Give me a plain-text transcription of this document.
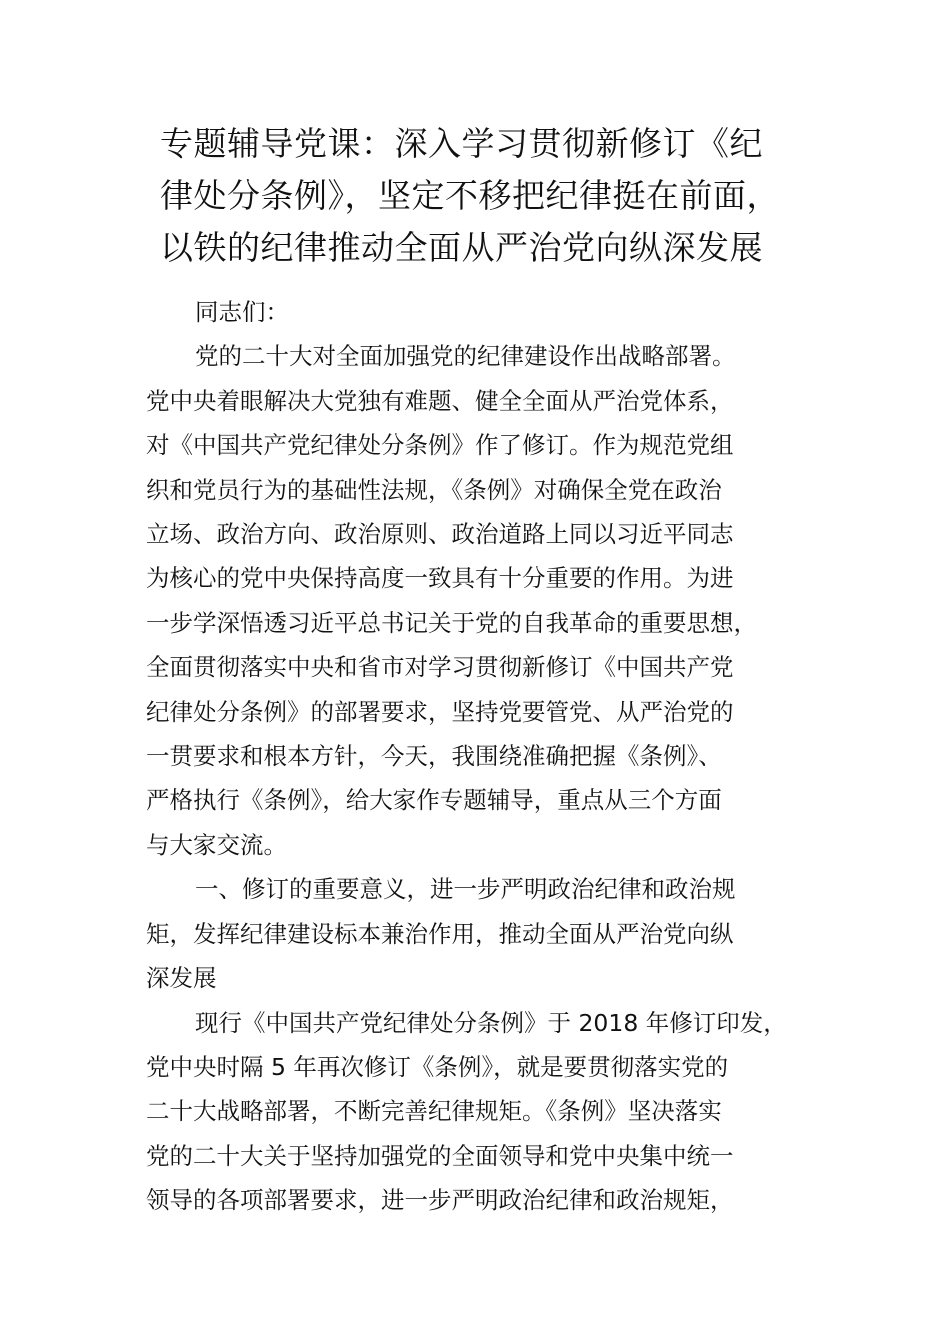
专题辅导党课：深入学习贯彻新修订《纪
律处分条例》，坚定不移把纪律挺在前面，
以铁的纪律推动全面从严治党向纵深发展

同志们：

党的二十大对全面加强党的纪律建设作出战略部署。
党中央着眼解决大党独有难题、健全全面从严治党体系，
对《中国共产党纪律处分条例》作了修订。作为规范党组
织和党员行为的基础性法规，《条例》对确保全党在政治
立场、政治方向、政治原则、政治道路上同以习近平同志
为核心的党中央保持高度一致具有十分重要的作用。为进
一步学深悟透习近平总书记关于党的自我革命的重要思想，
全面贯彻落实中央和省市对学习贯彻新修订《中国共产党
纪律处分条例》的部署要求，坚持党要管党、从严治党的
一贯要求和根本方针，今天，我围绕准确把握《条例》、
严格执行《条例》，给大家作专题辅导，重点从三个方面
与大家交流。

一、修订的重要意义，进一步严明政治纪律和政治规
矩，发挥纪律建设标本兼治作用，推动全面从严治党向纵
深发展

现行《中国共产党纪律处分条例》于 2018 年修订印发，
党中央时隔 5 年再次修订《条例》，就是要贯彻落实党的
二十大战略部署，不断完善纪律规矩。《条例》坚决落实
党的二十大关于坚持加强党的全面领导和党中央集中统一
领导的各项部署要求，进一步严明政治纪律和政治规矩，
